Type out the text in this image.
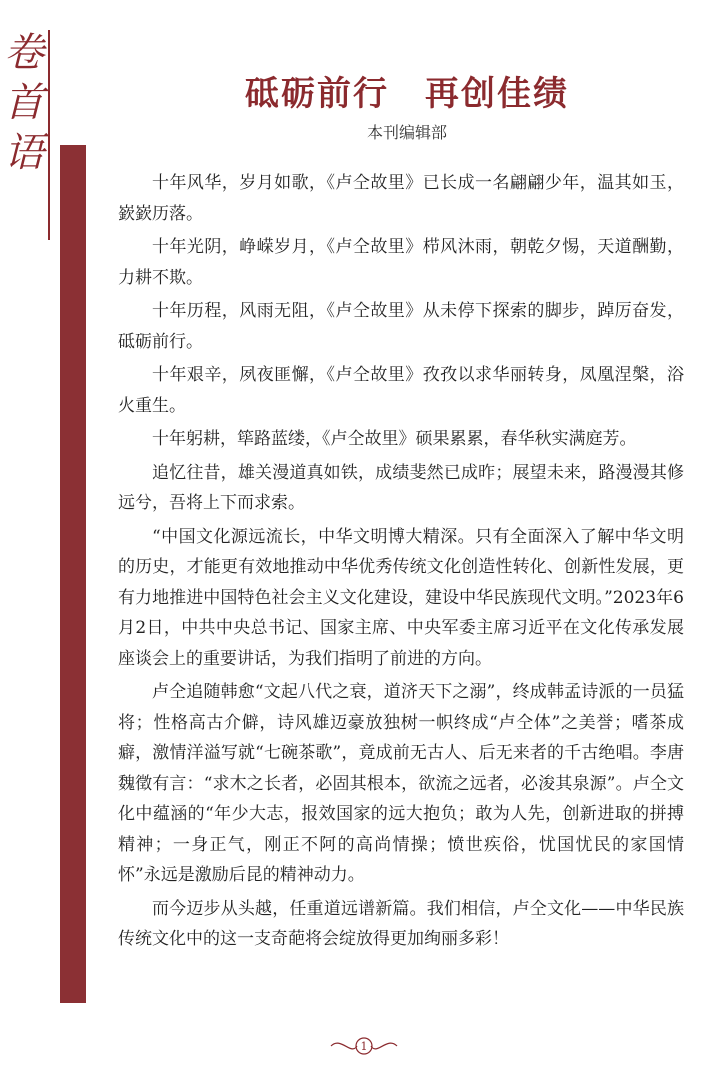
卷
首
语
砥砺前行　再创佳绩
本刊编辑部

十年风华，岁月如歌，《卢仝故里》已长成一名翩翩少年，温其如玉，嶔嶔历落。

十年光阴，峥嵘岁月，《卢仝故里》栉风沐雨，朝乾夕惕，天道酬勤，力耕不欺。

十年历程，风雨无阻，《卢仝故里》从未停下探索的脚步，踔厉奋发，砥砺前行。

十年艰辛，夙夜匪懈，《卢仝故里》孜孜以求华丽转身，凤凰涅槃，浴火重生。

十年躬耕，筚路蓝缕，《卢仝故里》硕果累累，春华秋实满庭芳。

追忆往昔，雄关漫道真如铁，成绩斐然已成昨；展望未来，路漫漫其修远兮，吾将上下而求索。

“中国文化源远流长，中华文明博大精深。只有全面深入了解中华文明的历史，才能更有效地推动中华优秀传统文化创造性转化、创新性发展，更有力地推进中国特色社会主义文化建设，建设中华民族现代文明。”2023年6月2日，中共中央总书记、国家主席、中央军委主席习近平在文化传承发展座谈会上的重要讲话，为我们指明了前进的方向。

卢仝追随韩愈“文起八代之衰，道济天下之溺”，终成韩孟诗派的一员猛将；性格高古介僻，诗风雄迈豪放独树一帜终成“卢仝体”之美誉；嗜茶成癖，激情洋溢写就“七碗茶歌”，竟成前无古人、后无来者的千古绝唱。李唐魏徵有言：“求木之长者，必固其根本，欲流之远者，必浚其泉源”。卢仝文化中蕴涵的“年少大志，报效国家的远大抱负；敢为人先，创新进取的拼搏精神；一身正气，刚正不阿的高尚情操；愤世疾俗，忧国忧民的家国情怀”永远是激励后昆的精神动力。

而今迈步从头越，任重道远谱新篇。我们相信，卢仝文化——中华民族传统文化中的这一支奇葩将会绽放得更加绚丽多彩！

1
